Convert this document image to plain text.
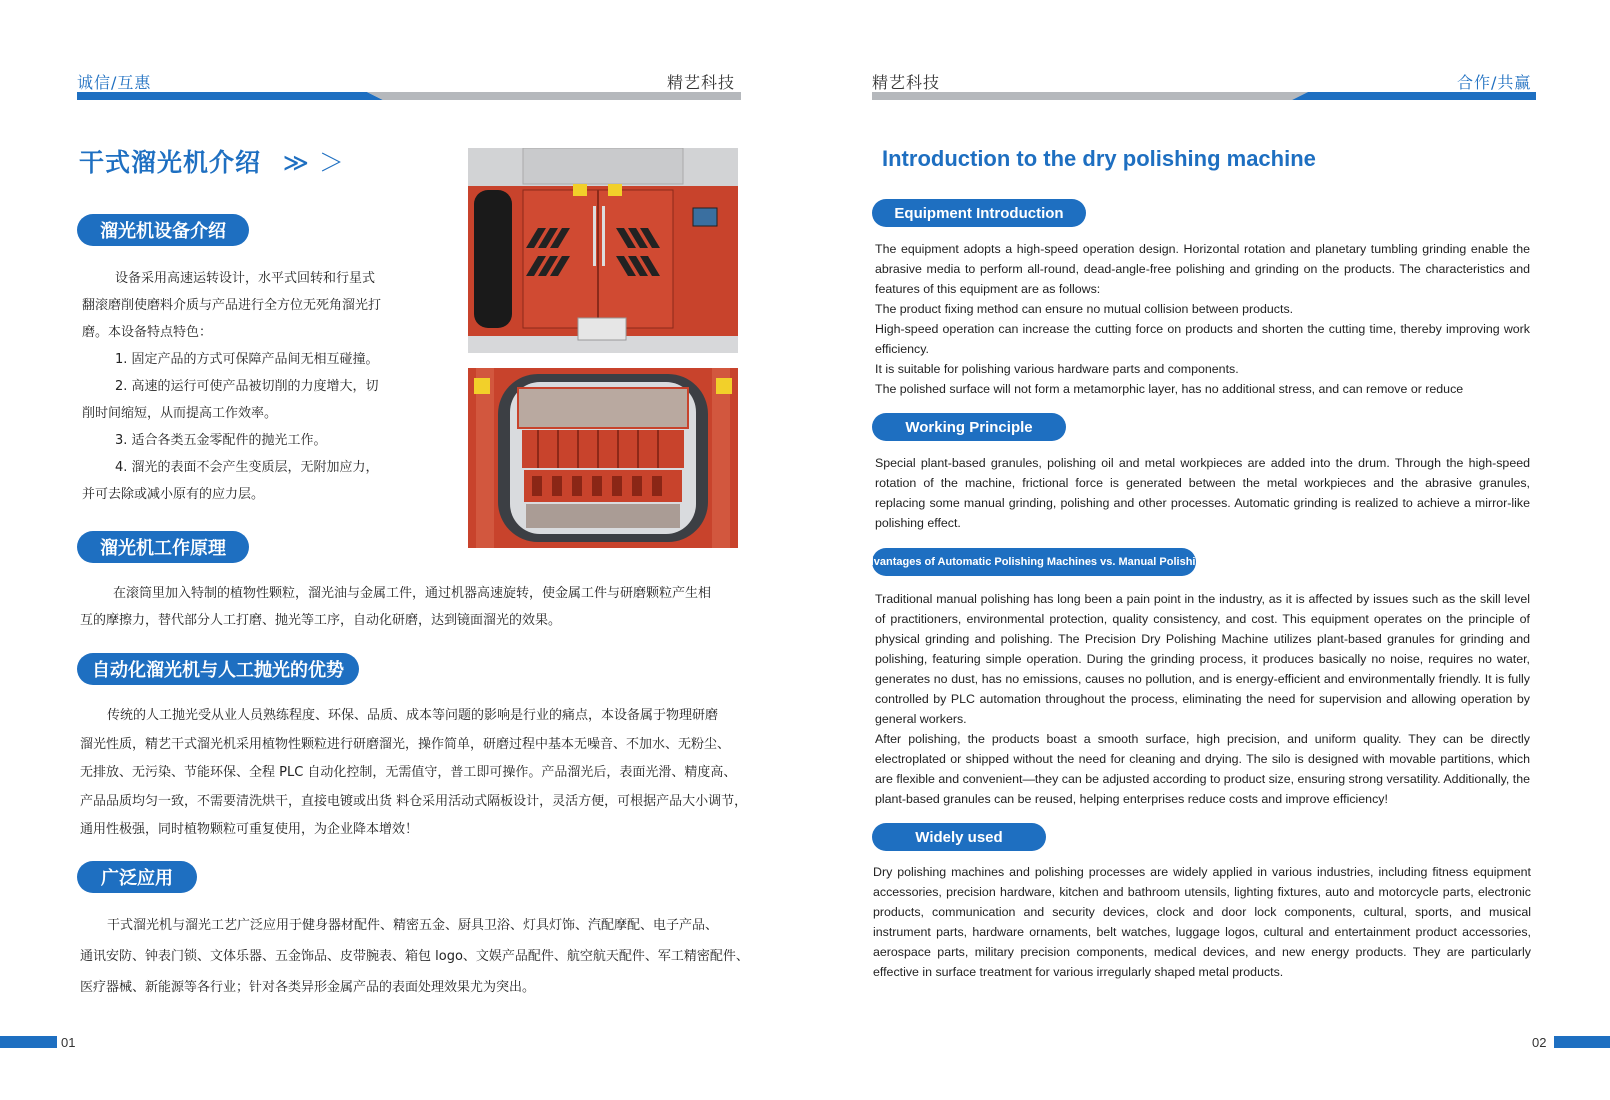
诚信/互惠	精艺科技	精艺科技	合作/共赢
干式溜光机介绍 ≫ ＞
溜光机设备介绍

设备采用高速运转设计，水平式回转和行星式

翻滚磨削使磨料介质与产品进行全方位无死角溜光打

磨。本设备特点特色：

1. 固定产品的方式可保障产品间无相互碰撞。

2. 高速的运行可使产品被切削的力度增大，切

削时间缩短，从而提高工作效率。

3. 适合各类五金零配件的抛光工作。

4. 溜光的表面不会产生变质层，无附加应力，

并可去除或减小原有的应力层。

溜光机工作原理

在滚筒里加入特制的植物性颗粒，溜光油与金属工件，通过机器高速旋转，使金属工件与研磨颗粒产生相

互的摩擦力，替代部分人工打磨、抛光等工序，自动化研磨，达到镜面溜光的效果。

自动化溜光机与人工抛光的优势

传统的人工抛光受从业人员熟练程度、环保、品质、成本等问题的影响是行业的痛点，本设备属于物理研磨

溜光性质，精艺干式溜光机采用植物性颗粒进行研磨溜光，操作简单，研磨过程中基本无噪音、不加水、无粉尘、

无排放、无污染、节能环保、全程 PLC 自动化控制，无需值守，普工即可操作。产品溜光后，表面光滑、精度高、

产品品质均匀一致，不需要清洗烘干，直接电镀或出货 料仓采用活动式隔板设计，灵活方便，可根据产品大小调节，

通用性极强，同时植物颗粒可重复使用，为企业降本增效！

广泛应用

干式溜光机与溜光工艺广泛应用于健身器材配件、精密五金、厨具卫浴、灯具灯饰、汽配摩配、电子产品、

通讯安防、钟表门锁、文体乐器、五金饰品、皮带腕表、箱包 logo、文娱产品配件、航空航天配件、军工精密配件、

医疗器械、新能源等各行业；针对各类异形金属产品的表面处理效果尤为突出。

Introduction to the dry polishing machine
Equipment Introduction

The equipment adopts a high-speed operation design. Horizontal rotation and planetary tumbling grinding enable the abrasive media to perform all-round, dead-angle-free polishing and grinding on the products. The characteristics and features of this equipment are as follows:

The product fixing method can ensure no mutual collision between products.

High-speed operation can increase the cutting force on products and shorten the cutting time, thereby improving work efficiency.

It is suitable for polishing various hardware parts and components.

The polished surface will not form a metamorphic layer, has no additional stress, and can remove or reduce

Working Principle

Special plant-based granules, polishing oil and metal workpieces are added into the drum. Through the high-speed rotation of the machine, frictional force is generated between the metal workpieces and the abrasive granules, replacing some manual grinding, polishing and other processes. Automatic grinding is realized to achieve a mirror-like polishing effect.

Advantages of Automatic Polishing Machines vs. Manual Polishing

Traditional manual polishing has long been a pain point in the industry, as it is affected by issues such as the skill level of practitioners, environmental protection, quality consistency, and cost. This equipment operates on the principle of physical grinding and polishing. The Precision Dry Polishing Machine utilizes plant-based granules for grinding and polishing, featuring simple operation. During the grinding process, it produces basically no noise, requires no water, generates no dust, has no emissions, causes no pollution, and is energy-efficient and environmentally friendly. It is fully controlled by PLC automation throughout the process, eliminating the need for supervision and allowing operation by general workers.

After polishing, the products boast a smooth surface, high precision, and uniform quality. They can be directly electroplated or shipped without the need for cleaning and drying. The silo is designed with movable partitions, which are flexible and convenient—they can be adjusted according to product size, ensuring strong versatility. Additionally, the plant-based granules can be reused, helping enterprises reduce costs and improve efficiency!

Widely used

Dry polishing machines and polishing processes are widely applied in various industries, including fitness equipment accessories, precision hardware, kitchen and bathroom utensils, lighting fixtures, auto and motorcycle parts, electronic products, communication and security devices, clock and door lock components, cultural, sports, and musical instrument parts, hardware ornaments, belt watches, luggage logos, cultural and entertainment product accessories, aerospace parts, military precision components, medical devices, and new energy products. They are particularly effective in surface treatment for various irregularly shaped metal products.

01	02
